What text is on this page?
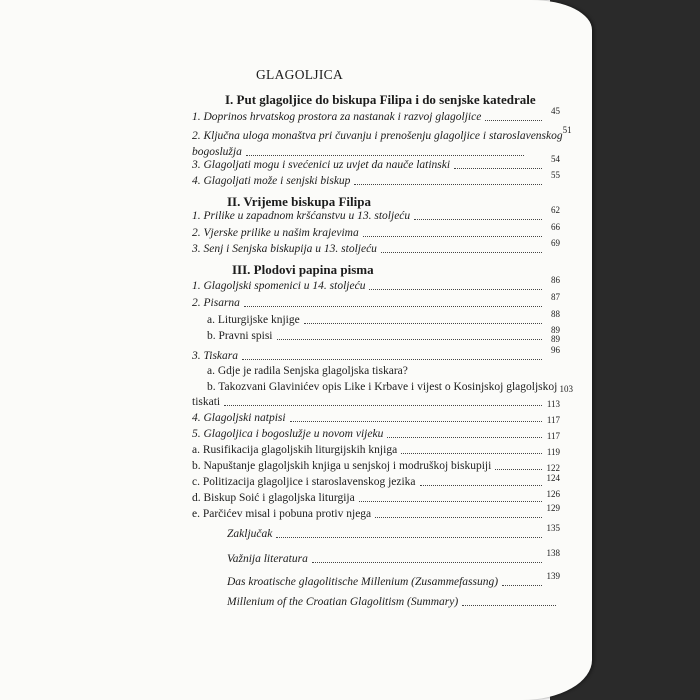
GLAGOLJICA
I. Put glagoljice do biskupa Filipa i do senjske katedrale
1. Doprinos hrvatskog prostora za nastanak i razvoj glagoljice	45
2. Ključna uloga monaštva pri čuvanju i prenošenju glagoljice i staroslavenskog 51
bogoslužja
3. Glagoljati mogu i svećenici uz uvjet da nauče latinski	54
4. Glagoljati može i senjski biskup	55
II. Vrijeme biskupa Filipa
1. Prilike u zapadnom kršćanstvu u 13. stoljeću	62
2. Vjerske prilike u našim krajevima	66
3. Senj i Senjska biskupija u 13. stoljeću	69
III. Plodovi papina pisma
1. Glagoljski spomenici u 14. stoljeću	86
2. Pisarna	87
a. Liturgijske knjige	88
b. Pravni spisi	89
89
3. Tiskara	96
a. Gdje je radila Senjska glagoljska tiskara?
b. Takozvani Glavinićev opis Like i Krbave i vijest o Kosinjskoj glagoljskoj 103
tiskati	113
4. Glagoljski natpisi	117
5. Glagoljica i bogoslužje u novom vijeku	117
a. Rusifikacija glagoljskih liturgijskih knjiga	119
b. Napuštanje glagoljskih knjiga u senjskoj i modruškoj biskupiji	122
c. Politizacija glagoljice i staroslavenskog jezika	124
d. Biskup Soić i glagoljska liturgija	126
e. Parčićev misal i pobuna protiv njega	129
Zaključak	135
Važnija literatura	138
Das kroatische glagolitische Millenium (Zusammefassung)	139
Millenium of the Croatian Glagolitism (Summary)
